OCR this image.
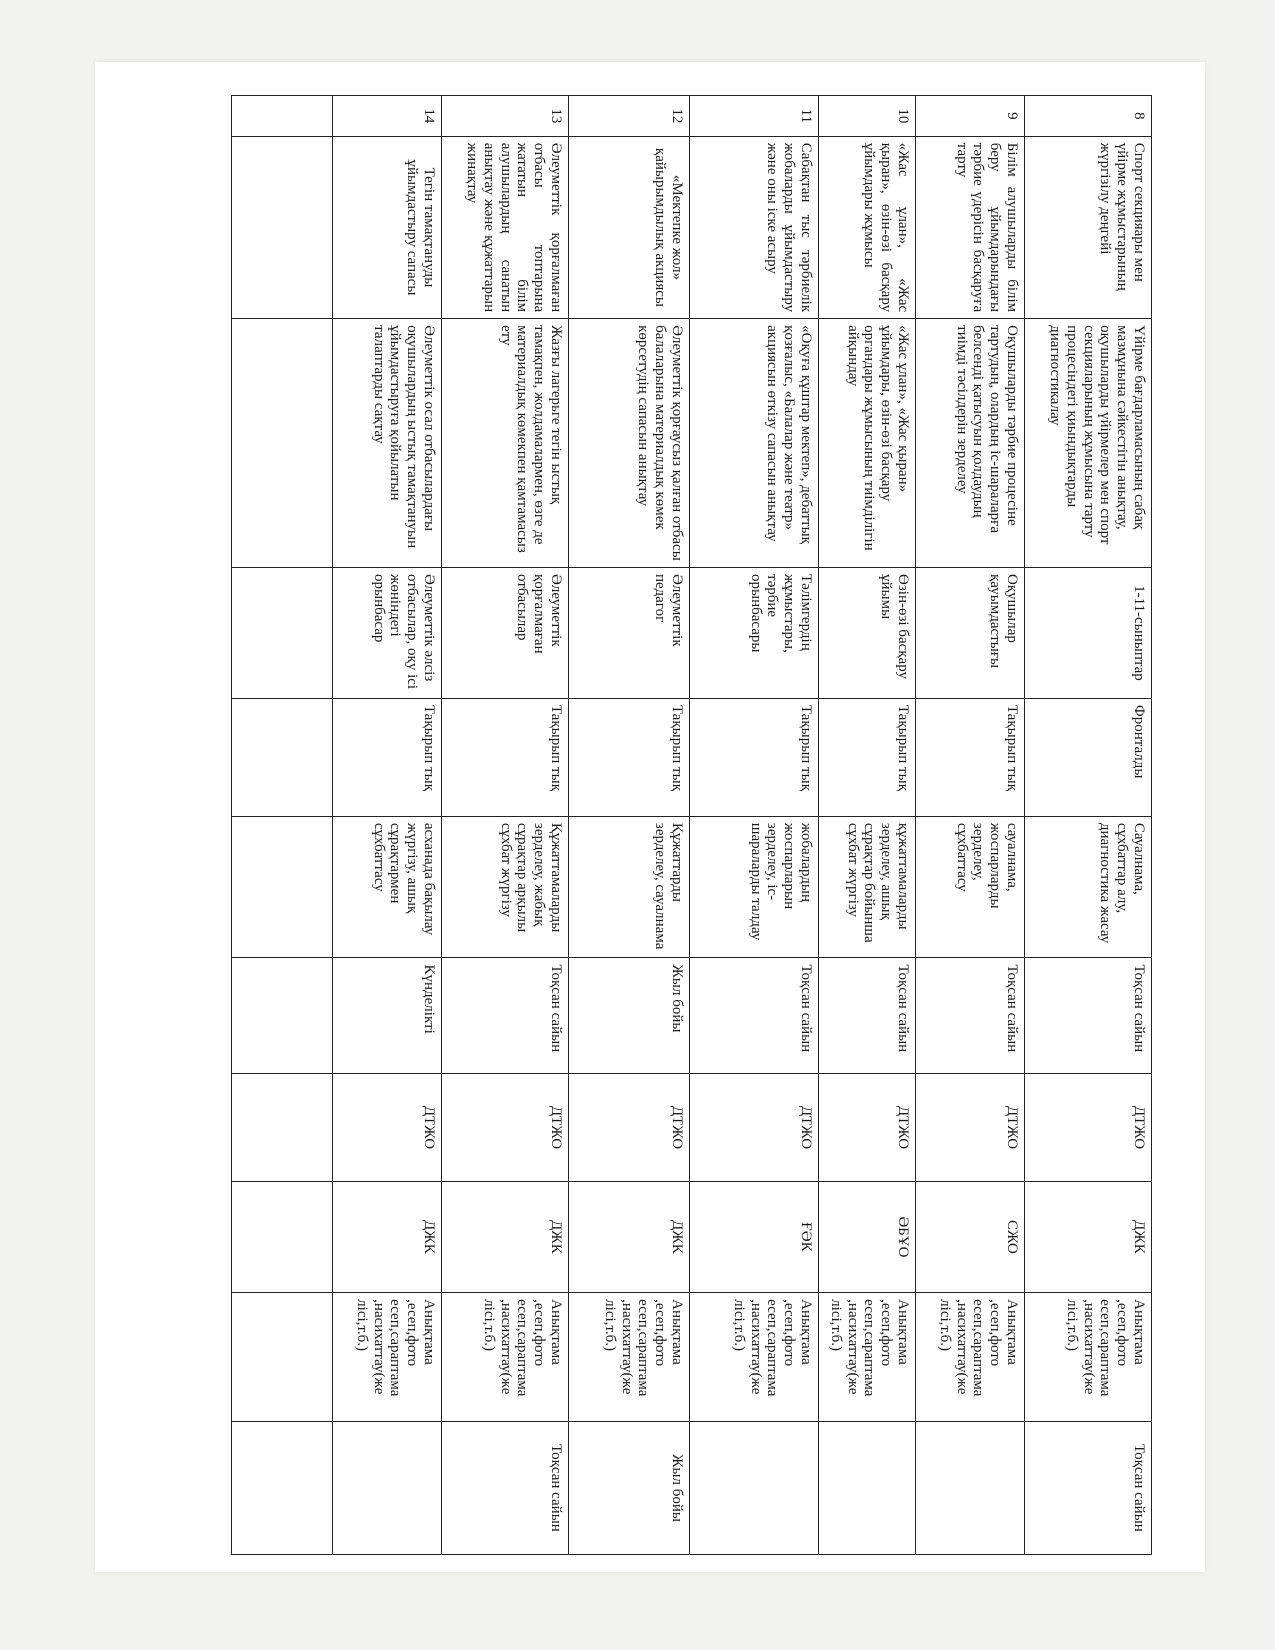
8	Спорт секцияары мен үйірме жұмыстарының жүргізілу деңгейі	Үйірме бағдарламасының сабақ мазмұнына сәйкестігін анықтау, оқушыларды үйірмелер мен спорт секцияларының жұмысына тарту процесіндегі қиындықтарды диагностикалау	1-11-сыныптар	Фронталды	Сауалнама, сұхбаттар алу, диагностика жасау	Тоқсан сайын	ДТЖО	ДЖК	Анықтама ,есеп,фото есеп,сараптама ,насихаттау(же лісі,т.б.)	Тоқсан сайын
9	Білім алушыларды білім беру ұйымдарындағы тәрбие үдерісін басқаруға тарту	Оқушыларды тәрбие процесіне тартудың, олардың іс-шараларға белсенді қатысуын қолдаудың тиімді тәсілдерін зерделеу	Оқушылар қауымдастығы	Тақырып тық	сауалнама, жоспарларды зерделеу, сұхбаттасу	Тоқсан сайын	ДТЖО	СЖО	Анықтама ,есеп,фото есеп,сараптама ,насихаттау(же лісі,т.б.)	
10	«Жас ұлан», «Жас қыран», өзін-өзі басқару ұйымдары жұмысы	«Жас ұлан», «Жас қыран» ұйымдары, өзін-өзі басқару органдары жұмысының тиімділігін айқындау	Өзін-өзі басқару ұйымы	Тақырып тық	құжаттамаларды зерделеу, ашық сұрақтар бойынша сұхбат жүргізу	Тоқсан сайын	ДТЖО	ӘБҰО	Анықтама ,есеп,фото есеп,сараптама ,насихаттау(же лісі,т.б.)	
11	Сабақтан тыс тәрбиелік жобаларды ұйымдастыру және оны іске асыру	«Оқуға құштар мектеп», дебаттық қозғалыс, «Балалар және театр» акциясын өткізу сапасын анықтау	Тәлімгердің жұмыстары, тәрбие орынбасары	Тақырып тық	жобалардың жоспарларын зерделеу, іс-шараларды талдау	Тоқсан сайын	ДТЖО	ҒӘК	Анықтама ,есеп,фото есеп,сараптама ,насихаттау(же лісі,т.б.)	
12	«Мектепке жол» қайырымдылық акциясы	Әлеуметтік қорғаусыз қалған отбасы балаларына материалдық көмек көрсетудің сапасын анықтау	Әлеуметтік педагог	Тақырып тық	Құжаттарды зерделеу, сауалнама	Жыл бойы	ДТЖО	ДЖК	Анықтама ,есеп,фото есеп,сараптама ,насихаттау(же лісі,т.б.)	Жыл бойы
13	Әлеуметтік қорғалмаған отбасы топтарына жататын білім алушылардың санатын анықтау және құжаттарын жинақтау	Жазғы лагерьге тегін ыстық тамақпен, жолдамалармен, өзге де материалдық көмекпен қамтамасыз ету	Әлеуметтік қорғалмаған отбасылар	Тақырып тық	Құжаттамаларды зерделеу, жабық сұрақтар арқылы сұхбат жүргізу	Тоқсан сайын	ДТЖО	ДЖК	Анықтама ,есеп,фото есеп,сараптама ,насихаттау(же лісі,т.б.)	Тоқсан сайын
14	Тегін тамақтануды ұйымдастыру сапасы	Әлеуметтік осал отбасылардағы оқушылардың ыстық тамақтануын ұйымдастыруға қойылатын талаптарды сақтау	Әлеуметтік әлсіз отбасылар, оқу ісі жөніндегі орынбасар	Тақырып тық	асханада бақылау жүргізу, ашық сұрақтармен сұхбаттасу	Күнделікті	ДТЖО	ДЖК	Анықтама ,есеп,фото есеп,сараптама ,насихаттау(же лісі,т.б.)	
